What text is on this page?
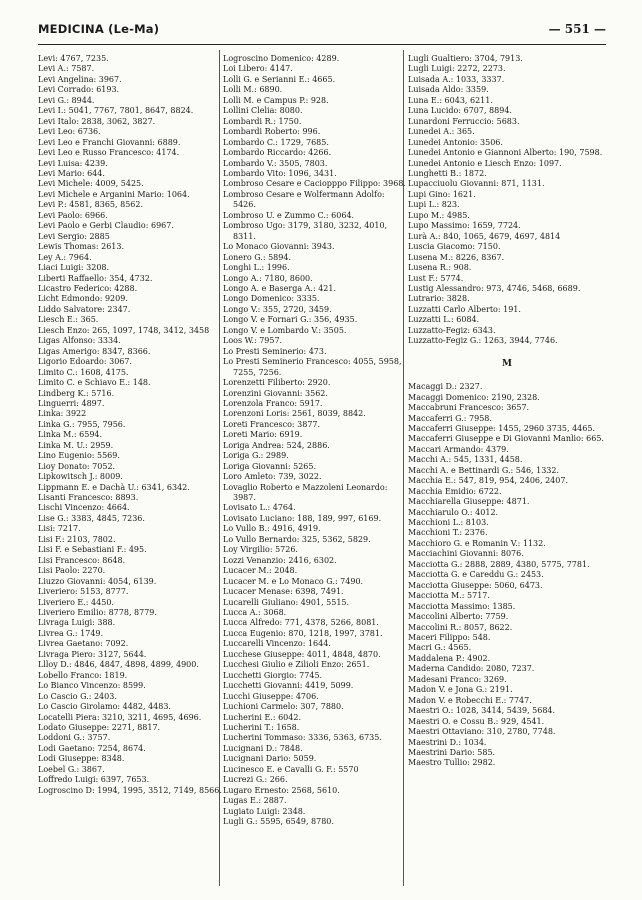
MEDICINA (Le-Ma)	— 551 —
Levi: 4767, 7235.
Levi A.: 7587.
Levi Angelina: 3967.
Levi Corrado: 6193.
Levi G.: 8944.
Levi I.: 5041, 7767, 7801, 8647, 8824.
Levi Italo: 2838, 3062, 3827.
Levi Leo: 6736.
Levi Leo e Franchi Giovanni: 6889.
Levi Leo e Russo Francesco: 4174.
Levi Luisa: 4239.
Levi Mario: 644.
Levi Michele: 4009, 5425.
Levi Michele e Arganini Mario: 1064.
Levi P.: 4581, 8365, 8562.
Levi Paolo: 6966.
Levi Paolo e Gerbi Claudio: 6967.
Levi Sergio: 2885
Lewis Thomas: 2613.
Ley A.: 7964.
Liaci Luigi: 3208.
Liberti Raffaello: 354, 4732.
Licastro Federico: 4288.
Licht Edmondo: 9209.
Liddo Salvatore: 2347.
Liesch E.: 365.
Liesch Enzo: 265, 1097, 1748, 3412, 3458
Ligas Alfonso: 3334.
Ligas Amerigo: 8347, 8366.
Ligorio Edoardo: 3067.
Limito C.: 1608, 4175.
Limito C. e Schiavo E.: 148.
Lindberg K.: 5716.
Linguerri: 4897.
Linka: 3922
Linka G.: 7955, 7956.
Linka M.: 6594.
Linka M. U.: 2959.
Lino Eugenio: 5569.
Lioy Donato: 7052.
Lipkowitsch J.: 8009.
Lippmann E. e Dachà U.: 6341, 6342.
Lisanti Francesco: 8893.
Lischi Vincenzo: 4664.
Lise G.: 3383, 4845, 7236.
Lisi: 7217.
Lisi F.: 2103, 7802.
Lisi F. e Sebastiani F.: 495.
Lisi Francesco: 8648.
Lisi Paolo: 2270.
Liuzzo Giovanni: 4054, 6139.
Liveriero: 5153, 8777.
Liveriero E.: 4450.
Liveriero Emilio: 8778, 8779.
Livraga Luigi: 388.
Livrea G.: 1749.
Livrea Gaetano: 7092.
Livraga Piero: 3127, 5644.
Llloy D.: 4846, 4847, 4898, 4899, 4900.
Lobello Franco: 1819.
Lo Bianco Vincenzo: 8599.
Lo Cascio G.: 2403.
Lo Cascio Girolamo: 4482, 4483.
Locatelli Piera: 3210, 3211, 4695, 4696.
Lodato Giuseppe: 2271, 8817.
Loddoni G.: 3757.
Lodi Gaetano: 7254, 8674.
Lodi Giuseppe: 8348.
Loebel G.: 3867.
Loffredo Luigi: 6397, 7653.
Logroscino D: 1994, 1995, 3512, 7149, 8566.
Logroscino Domenico: 4289.
Loi Libero: 4147.
Lolli G. e Serianni E.: 4665.
Lolli M.: 6890.
Lolli M. e Campus P.: 928.
Lollini Clelia: 8080.
Lombardi R.: 1750.
Lombardi Roberto: 996.
Lombardo C.: 1729, 7685.
Lombardo Riccardo: 4266.
Lombardo V.: 3505, 7803.
Lombardo Vito: 1096, 3431.
Lombroso Cesare e Caciopppo Filippo: 3968.
Lombroso Cesare e Wolfermann Adolfo: 5426.
Lombroso U. e Zummo C.: 6064.
Lombroso Ugo: 3179, 3180, 3232, 4010, 8311.
Lo Monaco Giovanni: 3943.
Lonero G.: 5894.
Longhi L.: 1996.
Longo A.: 7180, 8600.
Longo A. e Baserga A.: 421.
Longo Domenico: 3335.
Longo V.: 355, 2720, 3459.
Longo V. e Fornari G.: 356, 4935.
Longo V. e Lombardo V.: 3505.
Loos W.: 7957.
Lo Presti Seminerio: 473.
Lo Presti Seminerio Francesco: 4055, 5958, 7255, 7256.
Lorenzetti Filiberto: 2920.
Lorenzini Giovanni: 3562.
Lorenzola Franco: 5917.
Lorenzoni Loris: 2561, 8039, 8842.
Loreti Francesco: 3877.
Loreti Mario: 6919.
Loriga Andrea: 524, 2886.
Loriga G.: 2989.
Loriga Giovanni: 5265.
Loro Amleto: 739, 3022.
Lovaglio Roberto e Mazzoleni Leonardo: 3987.
Lovisato L.: 4764.
Lovisato Luciano: 188, 189, 997, 6169.
Lo Vullo B.: 4916, 4919.
Lo Vullo Bernardo: 325, 5362, 5829.
Loy Virgilio: 5726.
Lozzi Venanzio: 2416, 6302.
Lucacer M.: 2048.
Lucacer M. e Lo Monaco G.: 7490.
Lucacer Menase: 6398, 7491.
Lucarelli Giuliano: 4901, 5515.
Lucca A.: 3068.
Lucca Alfredo: 771, 4378, 5266, 8081.
Lucca Eugenio: 870, 1218, 1997, 3781.
Luccarelli Vincenzo: 1644.
Lucchese Giuseppe: 4011, 4848, 4870.
Lucchesi Giulio e Zilioli Enzo: 2651.
Lucchetti Giorgio: 7745.
Lucchetti Giovanni: 4419, 5099.
Lucchi Giuseppe: 4706.
Luchioni Carmelo: 307, 7880.
Lucherini E.: 6042.
Lucherini T.: 1658.
Lucherini Tommaso: 3336, 5363, 6735.
Lucignani D.: 7848.
Lucignani Dario: 5059.
Lucinesco E. e Cavalli G. F.: 5570
Lucrezi G.: 266.
Lugaro Ernesto: 2568, 5610.
Lugas E.: 2887.
Lugiato Luigi: 2348.
Lugli G.: 5595, 6549, 8780.
Lugli Gualtiero: 3704, 7913.
Lugli Luigi: 2272, 2273.
Luisada A.: 1033, 3337.
Luisada Aldo: 3359.
Luna E.: 6043, 6211.
Luna Lucido: 6707, 8894.
Lunardoni Ferruccio: 5683.
Lunedei A.: 365.
Lunedei Antonio: 3506.
Lunedei Antonio e Giannoni Alberto: 190, 7598.
Lunedei Antonio e Liesch Enzo: 1097.
Lunghetti B.: 1872.
Lupacciuolu Giovanni: 871, 1131.
Lupi Gino: 1621.
Lupi L.: 823.
Lupo M.: 4985.
Lupo Massimo: 1659, 7724.
Lurà A.: 840, 1065, 4679, 4697, 4814
Luscia Giacomo: 7150.
Lusena M.: 8226, 8367.
Lusena R.: 908.
Lust F.: 5774.
Lustig Alessandro: 973, 4746, 5468, 6689.
Lutrario: 3828.
Luzzatti Carlo Alberto: 191.
Luzzatti L.: 6084.
Luzzatto-Fegiz: 6343.
Luzzatto-Fegiz G.: 1263, 3944, 7746.
M
Macaggi D.: 2327.
Macaggi Domenico: 2190, 2328.
Maccabruni Francesco: 3657.
Maccaferri G.: 7958.
Maccaferri Giuseppe: 1455, 2960 3735, 4465.
Maccaferri Giuseppe e Di Giovanni Manlio: 665.
Maccari Armando: 4379.
Macchi A.: 545, 1331, 4458.
Macchi A. e Bettinardi G.: 546, 1332.
Macchia E.: 547, 819, 954, 2406, 2407.
Macchia Emidio: 6722.
Macchiarella Giuseppe: 4871.
Macchiarulo O.: 4012.
Macchioni L.: 8103.
Macchioni T.: 2376.
Macchioro G. e Romanin V.: 1132.
Macciachini Giovanni: 8076.
Macciotta G.: 2888, 2889, 4380, 5775, 7781.
Macciotta G. e Careddu G.: 2453.
Macciotta Giuseppe: 5060, 6473.
Macciotta M.: 5717.
Macciotta Massimo: 1385.
Maccolini Alberto: 7759.
Maccolini R.: 8057, 8622.
Maceri Filippo: 548.
Macri G.: 4565.
Maddalena P.: 4902.
Maderna Candido: 2080, 7237.
Madesani Franco: 3269.
Madon V. e Jona G.: 2191.
Madon V. e Robecchi E.: 7747.
Maestri O.: 1028, 3414, 5439, 5684.
Maestri O. e Cossu B.: 929, 4541.
Maestri Ottaviano: 310, 2780, 7748.
Maestrini D.: 1034.
Maestrini Dario: 585.
Maestro Tullio: 2982.
